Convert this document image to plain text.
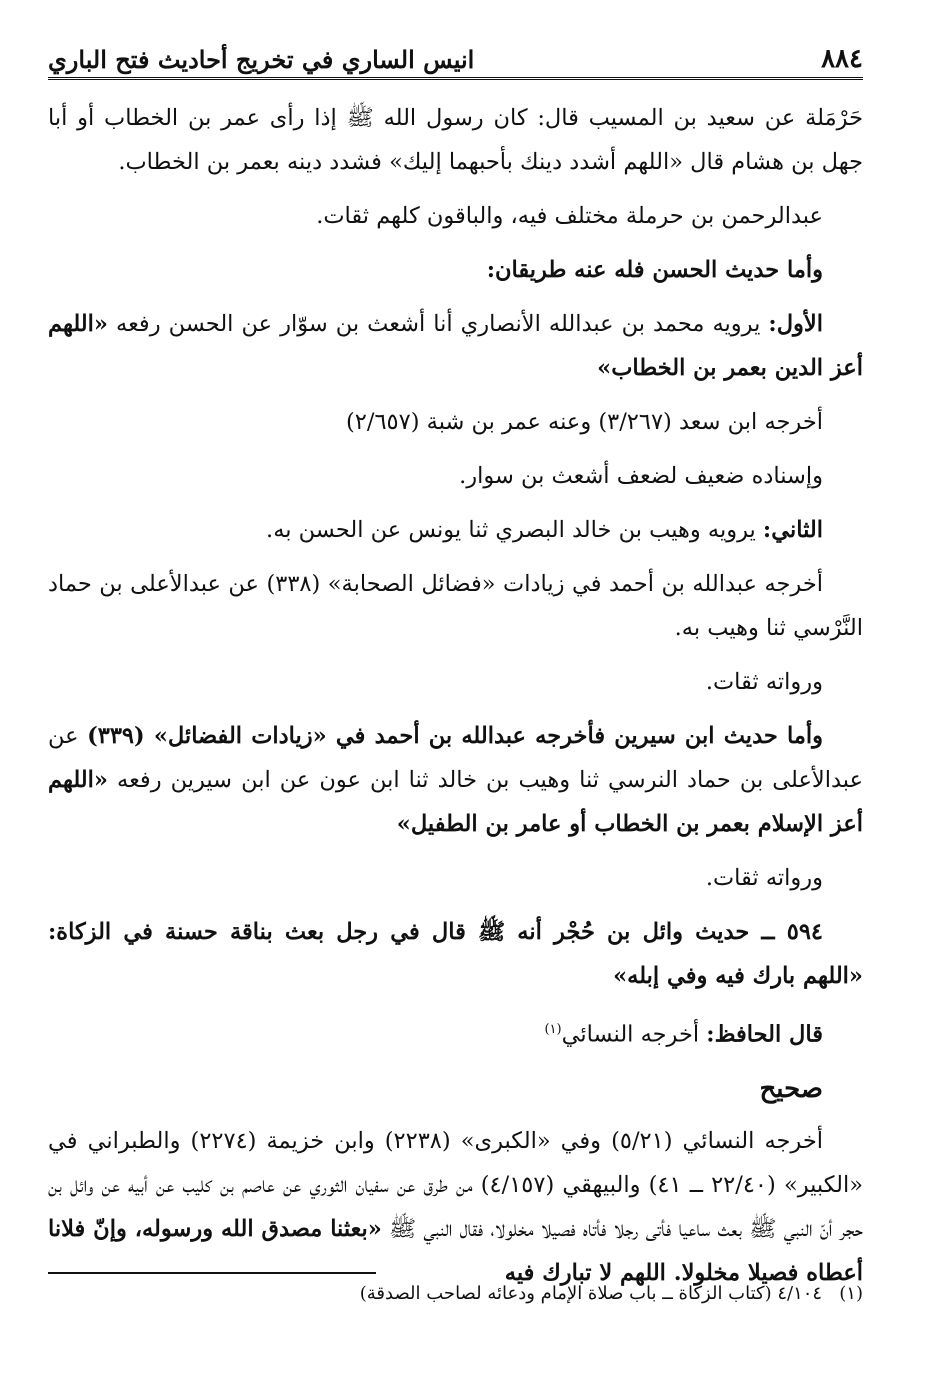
٨٨٤
انيس الساري في تخريج أحاديث فتح الباري

حَرْمَلة عن سعيد بن المسيب قال: كان رسول الله ﷺ إذا رأى عمر بن الخطاب أو أبا جهل بن هشام قال «اللهم أشدد دينك بأحبهما إليك» فشدد دينه بعمر بن الخطاب.

عبدالرحمن بن حرملة مختلف فيه، والباقون كلهم ثقات.

وأما حديث الحسن فله عنه طريقان:

الأول: يرويه محمد بن عبدالله الأنصاري أنا أشعث بن سوّار عن الحسن رفعه «اللهم أعز الدين بعمر بن الخطاب»

أخرجه ابن سعد (٣/٢٦٧) وعنه عمر بن شبة (٢/٦٥٧)

وإسناده ضعيف لضعف أشعث بن سوار.

الثاني: يرويه وهيب بن خالد البصري ثنا يونس عن الحسن به.

أخرجه عبدالله بن أحمد في زيادات «فضائل الصحابة» (٣٣٨) عن عبدالأعلى بن حماد النَّرْسي ثنا وهيب به.

ورواته ثقات.

وأما حديث ابن سيرين فأخرجه عبدالله بن أحمد في «زيادات الفضائل» (٣٣٩) عن عبدالأعلى بن حماد النرسي ثنا وهيب بن خالد ثنا ابن عون عن ابن سيرين رفعه «اللهم أعز الإسلام بعمر بن الخطاب أو عامر بن الطفيل»

ورواته ثقات.

٥٩٤ ــ حديث وائل بن حُجْر أنه ﷺ قال في رجل بعث بناقة حسنة في الزكاة: «اللهم بارك فيه وفي إبله»

قال الحافظ: أخرجه النسائي$^{(١)}$

صحيح

أخرجه النسائي (٥/٢١) وفي «الكبرى» (٢٢٣٨) وابن خزيمة (٢٢٧٤) والطبراني في «الكبير» (٢٢/٤٠ ــ ٤١) والبيهقي (٤/١٥٧) من طرق عن سفيان الثوري عن عاصم بن كليب عن أبيه عن وائل بن حجر أنّ النبي ﷺ بعث ساعيا فأتى رجلا فأتاه فصيلا مخلولا، فقال النبي ﷺ «بعثنا مصدق الله ورسوله، وإنّ فلانا أعطاه فصيلا مخلولا. اللهم لا تبارك فيه

(١)   ٤/١٠٤ (كتاب الزكاة ــ باب صلاة الإمام ودعائه لصاحب الصدقة)
